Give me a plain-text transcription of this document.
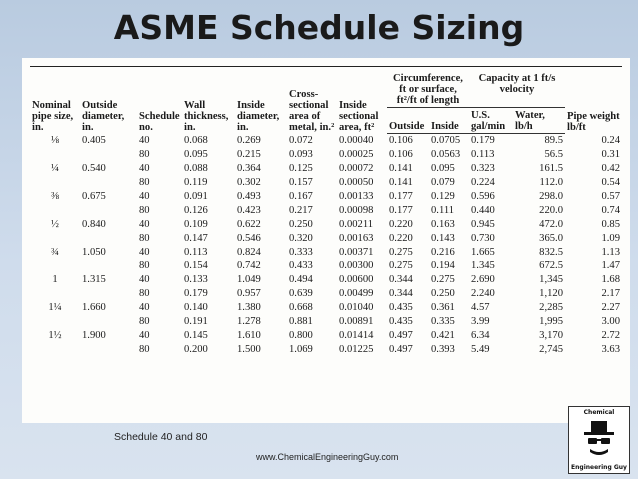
ASME Schedule Sizing
Nominal pipe size, in.	Outside diameter, in.	Schedule no.	Wall thickness, in.	Inside diameter, in.	Cross-sectional area of metal, in.²	Inside sectional area, ft²	Circumference, ft or surface, ft²/ft of length		Capacity at 1 ft/s velocity		Pipe weight lb/ft
							Outside	Inside	U.S. gal/min	Water, lb/h	
⅛	0.405	40	0.068	0.269	0.072	0.00040	0.106	0.0705	0.179	89.5	0.24
		80	0.095	0.215	0.093	0.00025	0.106	0.0563	0.113	56.5	0.31
¼	0.540	40	0.088	0.364	0.125	0.00072	0.141	0.095	0.323	161.5	0.42
		80	0.119	0.302	0.157	0.00050	0.141	0.079	0.224	112.0	0.54
⅜	0.675	40	0.091	0.493	0.167	0.00133	0.177	0.129	0.596	298.0	0.57
		80	0.126	0.423	0.217	0.00098	0.177	0.111	0.440	220.0	0.74
½	0.840	40	0.109	0.622	0.250	0.00211	0.220	0.163	0.945	472.0	0.85
		80	0.147	0.546	0.320	0.00163	0.220	0.143	0.730	365.0	1.09
¾	1.050	40	0.113	0.824	0.333	0.00371	0.275	0.216	1.665	832.5	1.13
		80	0.154	0.742	0.433	0.00300	0.275	0.194	1.345	672.5	1.47
1	1.315	40	0.133	1.049	0.494	0.00600	0.344	0.275	2.690	1,345	1.68
		80	0.179	0.957	0.639	0.00499	0.344	0.250	2.240	1,120	2.17
1¼	1.660	40	0.140	1.380	0.668	0.01040	0.435	0.361	4.57	2,285	2.27
		80	0.191	1.278	0.881	0.00891	0.435	0.335	3.99	1,995	3.00
1½	1.900	40	0.145	1.610	0.800	0.01414	0.497	0.421	6.34	3,170	2.72
		80	0.200	1.500	1.069	0.01225	0.497	0.393	5.49	2,745	3.63
Schedule 40 and 80
www.ChemicalEngineeringGuy.com
Chemical
Engineering Guy
